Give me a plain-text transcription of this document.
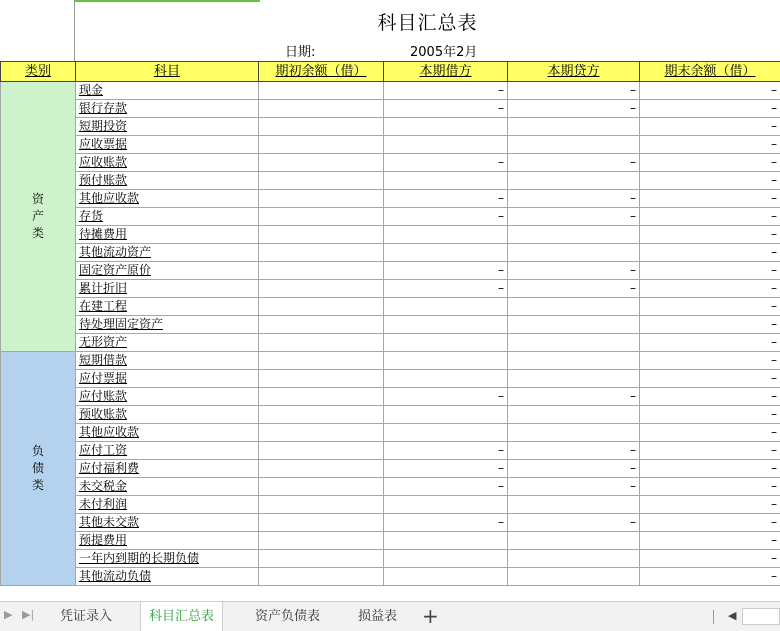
科目汇总表
日期:	2005年2月
类别	科目	期初余额（借）	本期借方	本期贷方	期末余额（借）
资
产
类	现金		–	–	–
	银行存款		–	–	–
	短期投资				–
	应收票据				–
	应收账款		–	–	–
	预付账款				–
	其他应收款		–	–	–
	存货		–	–	–
	待摊费用				–
	其他流动资产				–
	固定资产原价		–	–	–
	累计折旧		–	–	–
	在建工程				–
	待处理固定资产				–
	无形资产				–
负
债
类	短期借款				–
	应付票据				–
	应付账款		–	–	–
	预收账款				–
	其他应收款				–
	应付工资		–	–	–
	应付福利费		–	–	–
	未交税金		–	–	–
	未付利润				–
	其他未交款		–	–	–
	预提费用				–
	一年内到期的长期负债				–
	其他流动负债				–
▶ ▶|	凭证录入	科目汇总表	资产负债表	损益表	+	◀
